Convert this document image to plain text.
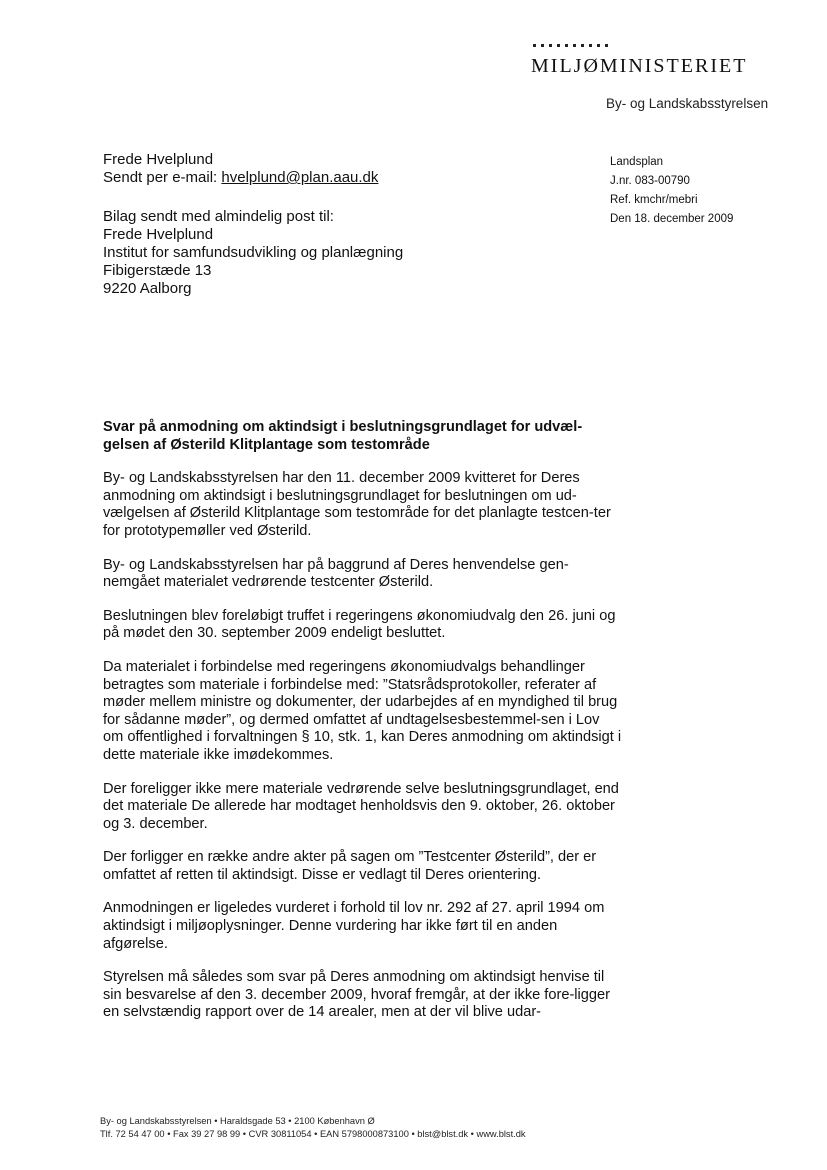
MILJØMINISTERIET
By- og Landskabsstyrelsen
Frede Hvelplund
Sendt per e-mail: hvelplund@plan.aau.dk
Bilag sendt med almindelig post til:
Frede Hvelplund
Institut for samfundsudvikling og planlægning
Fibigerstæde 13
9220 Aalborg
Landsplan
J.nr. 083-00790
Ref. kmchr/mebri
Den 18. december 2009

Svar på anmodning om aktindsigt i beslutningsgrundlaget for udvæl-gelsen af Østerild Klitplantage som testområde

By- og Landskabsstyrelsen har den 11. december 2009 kvitteret for Deres anmodning om aktindsigt i beslutningsgrundlaget for beslutningen om ud-vælgelsen af Østerild Klitplantage som testområde for det planlagte testcen-ter for prototypemøller ved Østerild.

By- og Landskabsstyrelsen har på baggrund af Deres henvendelse gen-nemgået materialet vedrørende testcenter Østerild.

Beslutningen blev foreløbigt truffet i regeringens økonomiudvalg den 26. juni og på mødet den 30. september 2009 endeligt besluttet.

Da materialet i forbindelse med regeringens økonomiudvalgs behandlinger betragtes som materiale i forbindelse med: ”Statsrådsprotokoller, referater af møder mellem ministre og dokumenter, der udarbejdes af en myndighed til brug for sådanne møder”, og dermed omfattet af undtagelsesbestemmel-sen i Lov om offentlighed i forvaltningen § 10, stk. 1, kan Deres anmodning om aktindsigt i dette materiale ikke imødekommes.

Der foreligger ikke mere materiale vedrørende selve beslutningsgrundlaget, end det materiale De allerede har modtaget henholdsvis den 9. oktober, 26. oktober og 3. december.

Der forligger en række andre akter på sagen om ”Testcenter Østerild”, der er omfattet af retten til aktindsigt. Disse er vedlagt til Deres orientering.

Anmodningen er ligeledes vurderet i forhold til lov nr. 292 af 27. april 1994 om aktindsigt i miljøoplysninger. Denne vurdering har ikke ført til en anden afgørelse.

Styrelsen må således som svar på Deres anmodning om aktindsigt henvise til sin besvarelse af den 3. december 2009, hvoraf fremgår, at der ikke fore-ligger en selvstændig rapport over de 14 arealer, men at der vil blive udar-

By- og Landskabsstyrelsen • Haraldsgade 53 • 2100 København Ø
Tlf. 72 54 47 00 • Fax 39 27 98 99 • CVR 30811054 • EAN 5798000873100 • blst@blst.dk • www.blst.dk
